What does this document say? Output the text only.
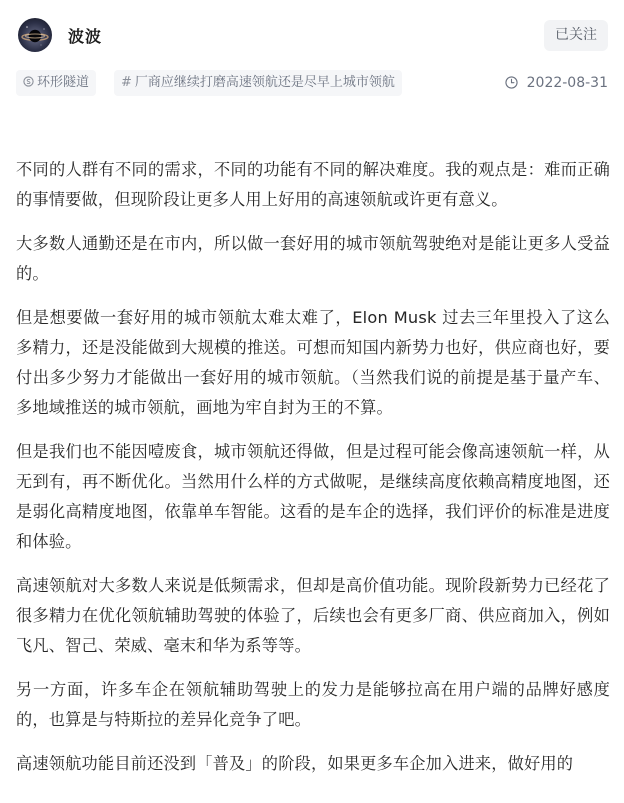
波波	已关注
环形隧道	# 厂商应继续打磨高速领航还是尽早上城市领航	2022-08-31

不同的人群有不同的需求，不同的功能有不同的解决难度。我的观点是：难而正确的事情要做，但现阶段让更多人用上好用的高速领航或许更有意义。

大多数人通勤还是在市内，所以做一套好用的城市领航驾驶绝对是能让更多人受益的。

但是想要做一套好用的城市领航太难太难了，Elon Musk 过去三年里投入了这么多精力，还是没能做到大规模的推送。可想而知国内新势力也好，供应商也好，要付出多少努力才能做出一套好用的城市领航。（当然我们说的前提是基于量产车、多地域推送的城市领航，画地为牢自封为王的不算。

但是我们也不能因噎废食，城市领航还得做，但是过程可能会像高速领航一样，从无到有，再不断优化。当然用什么样的方式做呢，是继续高度依赖高精度地图，还是弱化高精度地图，依靠单车智能。这看的是车企的选择，我们评价的标准是进度和体验。

高速领航对大多数人来说是低频需求，但却是高价值功能。现阶段新势力已经花了很多精力在优化领航辅助驾驶的体验了，后续也会有更多厂商、供应商加入，例如飞凡、智己、荣威、毫末和华为系等等。

另一方面，许多车企在领航辅助驾驶上的发力是能够拉高在用户端的品牌好感度的，也算是与特斯拉的差异化竞争了吧。

高速领航功能目前还没到「普及」的阶段，如果更多车企加入进来，做好用的
